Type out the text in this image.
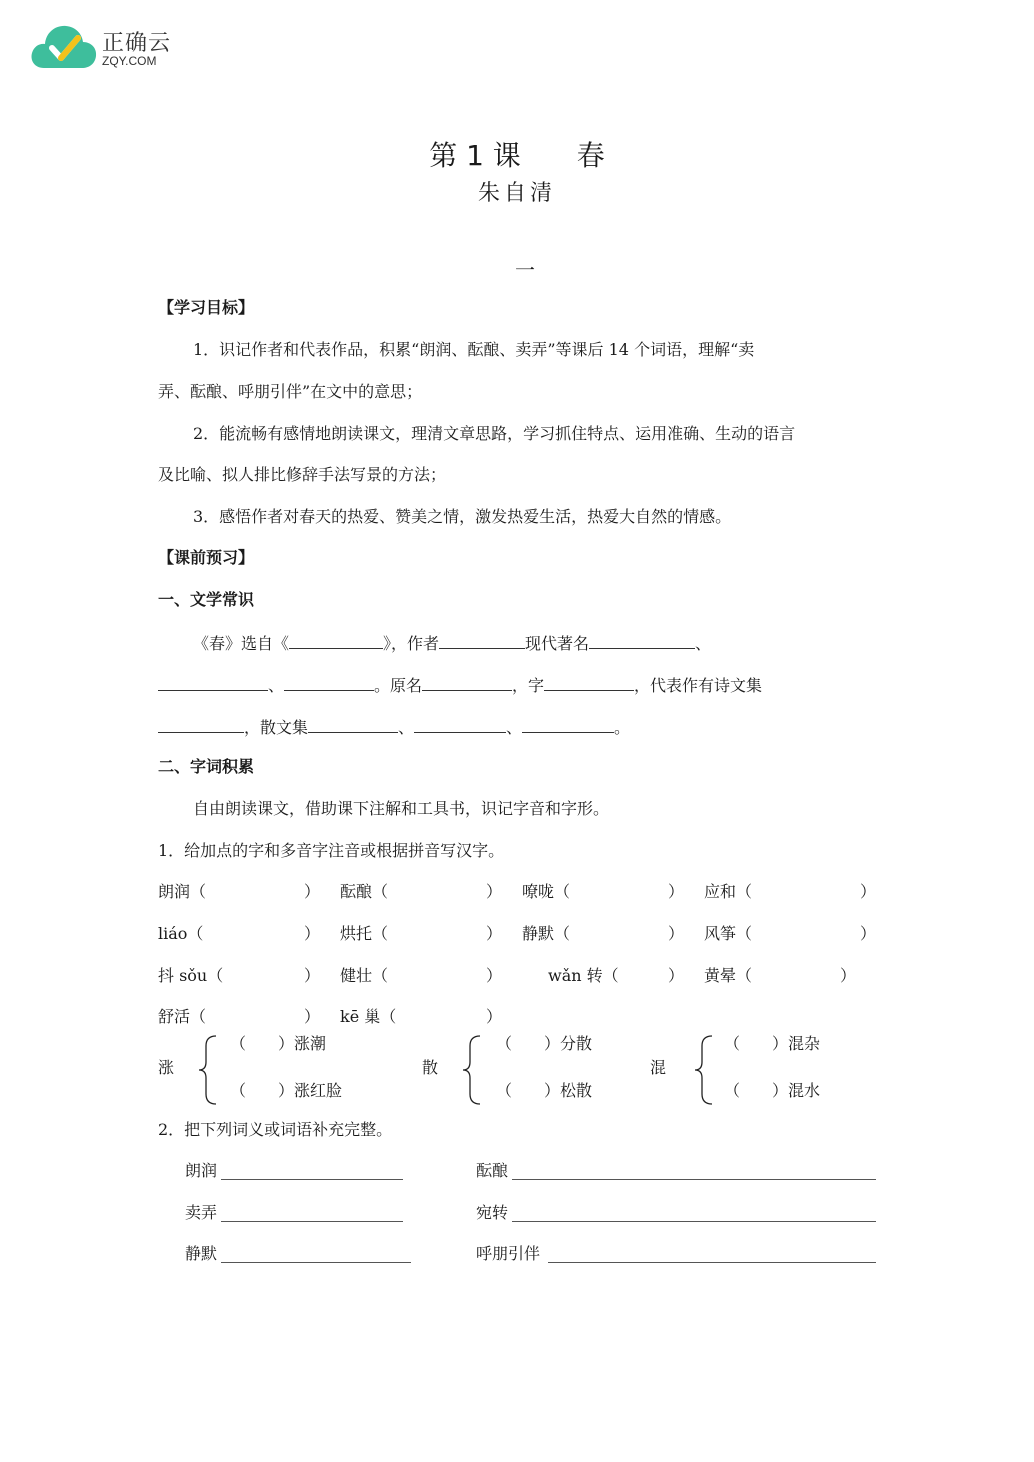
正确云
ZQY.COM
第 1 课　　春
朱自清
一
【学习目标】
1．识记作者和代表作品，积累“朗润、酝酿、卖弄”等课后 14 个词语，理解“卖
弄、酝酿、呼朋引伴”在文中的意思；
2．能流畅有感情地朗读课文，理清文章思路，学习抓住特点、运用准确、生动的语言
及比喻、拟人排比修辞手法写景的方法；
3．感悟作者对春天的热爱、赞美之情，激发热爱生活，热爱大自然的情感。
【课前预习】
一、文学常识
《春》选自《	》，作者	现代著名	、
、	。原名	，字	，代表作有诗文集
，散文集	、	、	。
二、字词积累
自由朗读课文，借助课下注解和工具书，识记字音和字形。
1．给加点的字和多音字注音或根据拼音写汉字。
朗润（	） 酝酿（	） 嘹咙（	） 应和（	）
liáo（	） 烘托（	） 静默（	） 风筝（	）
抖 sǒu（	） 健壮（	）	wǎn 转（	） 黄晕（	）
舒活（	） kē 巢（	）
涨
（　　）涨潮
（　　）涨红脸
散
（　　）分散
（　　）松散
混
（　　）混杂
（　　）混水
2．把下列词义或词语补充完整。
朗润	酝酿
卖弄	宛转
静默	呼朋引伴
